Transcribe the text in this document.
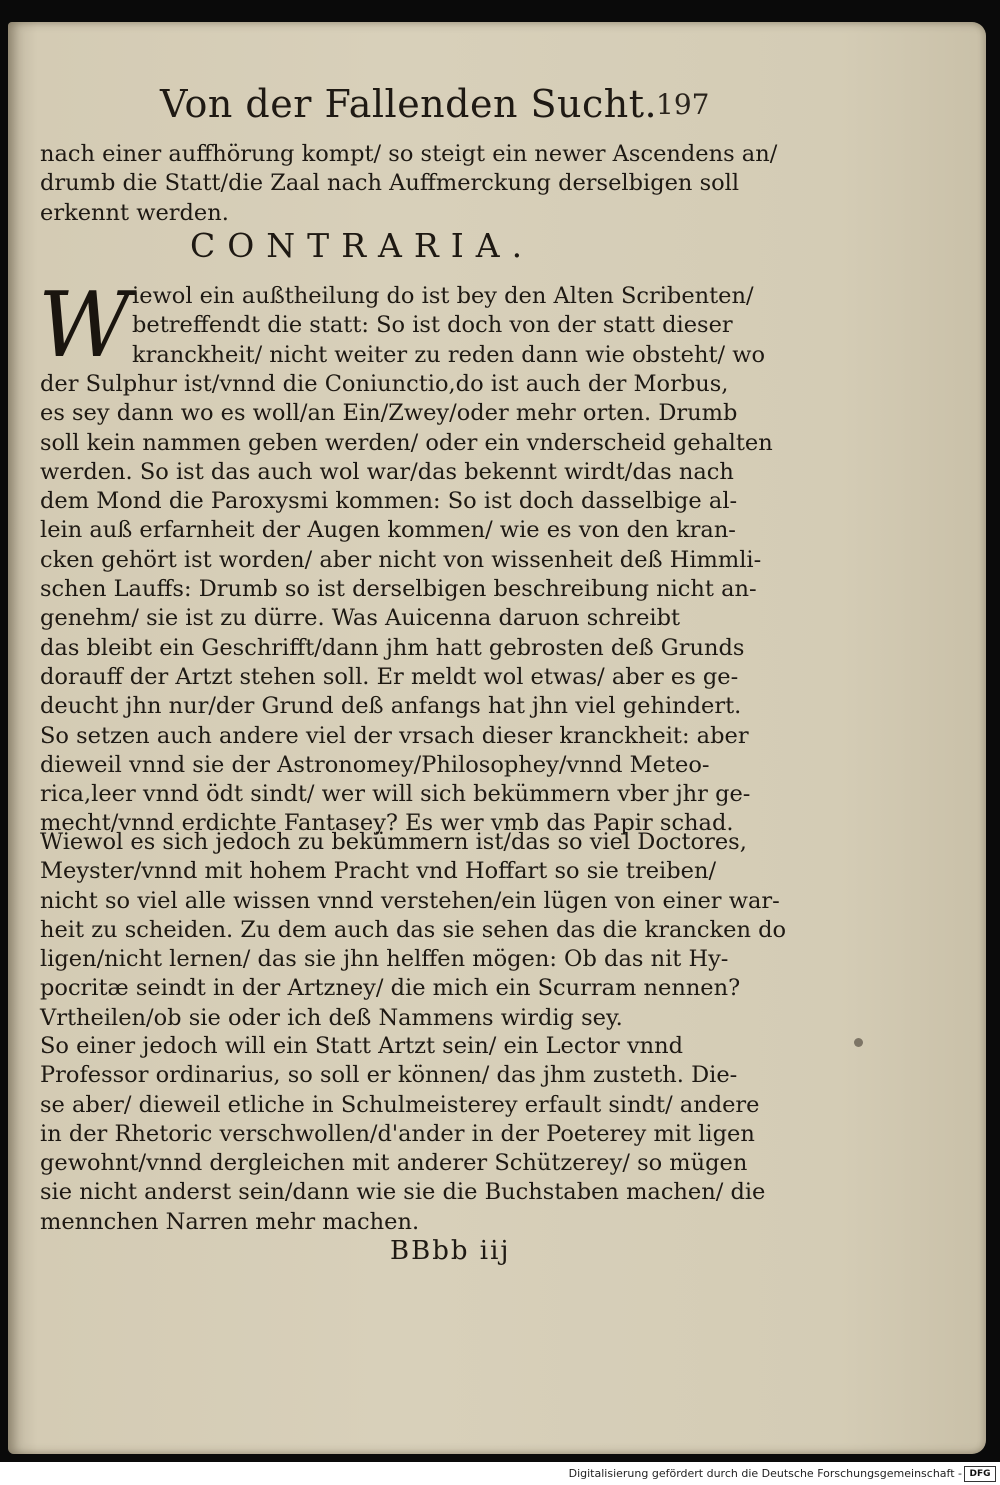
Von der Fallenden Sucht.
197
nach einer auffhörung kompt/ so steigt ein newer Ascendens an/
drumb die Statt/die Zaal nach Auffmerckung derselbigen soll
erkennt werden.
CONTRARIA.
W iewol ein außtheilung do ist bey den Alten Scribenten/
betreffendt die statt: So ist doch von der statt dieser
kranckheit/ nicht weiter zu reden dann wie obsteht/ wo
der Sulphur ist/vnnd die Coniunctio,do ist auch der Morbus,
es sey dann wo es woll/an Ein/Zwey/oder mehr orten. Drumb
soll kein nammen geben werden/ oder ein vnderscheid gehalten
werden. So ist das auch wol war/das bekennt wirdt/das nach
dem Mond die Paroxysmi kommen: So ist doch dasselbige al-
lein auß erfarnheit der Augen kommen/ wie es von den kran-
cken gehört ist worden/ aber nicht von wissenheit deß Himmli-
schen Lauffs: Drumb so ist derselbigen beschreibung nicht an-
genehm/ sie ist zu dürre. Was Auicenna daruon schreibt
das bleibt ein Geschrifft/dann jhm hatt gebrosten deß Grunds
dorauff der Artzt stehen soll. Er meldt wol etwas/ aber es ge-
deucht jhn nur/der Grund deß anfangs hat jhn viel gehindert.
So setzen auch andere viel der vrsach dieser kranckheit: aber
dieweil vnnd sie der Astronomey/Philosophey/vnnd Meteo-
rica,leer vnnd ödt sindt/ wer will sich bekümmern vber jhr ge-
mecht/vnnd erdichte Fantasey? Es wer vmb das Papir schad.
Wiewol es sich jedoch zu bekümmern ist/das so viel Doctores,
Meyster/vnnd mit hohem Pracht vnd Hoffart so sie treiben/
nicht so viel alle wissen vnnd verstehen/ein lügen von einer war-
heit zu scheiden. Zu dem auch das sie sehen das die krancken do
ligen/nicht lernen/ das sie jhn helffen mögen: Ob das nit Hy-
pocritæ seindt in der Artzney/ die mich ein Scurram nennen?
Vrtheilen/ob sie oder ich deß Nammens wirdig sey.
So einer jedoch will ein Statt Artzt sein/ ein Lector vnnd
Professor ordinarius, so soll er können/ das jhm zusteth. Die-
se aber/ dieweil etliche in Schulmeisterey erfault sindt/ andere
in der Rhetoric verschwollen/d'ander in der Poeterey mit ligen
gewohnt/vnnd dergleichen mit anderer Schützerey/ so mügen
sie nicht anderst sein/dann wie sie die Buchstaben machen/ die
mennchen Narren mehr machen.
BBbb iij
Digitalisierung gefördert durch die Deutsche Forschungsgemeinschaft - DFG
